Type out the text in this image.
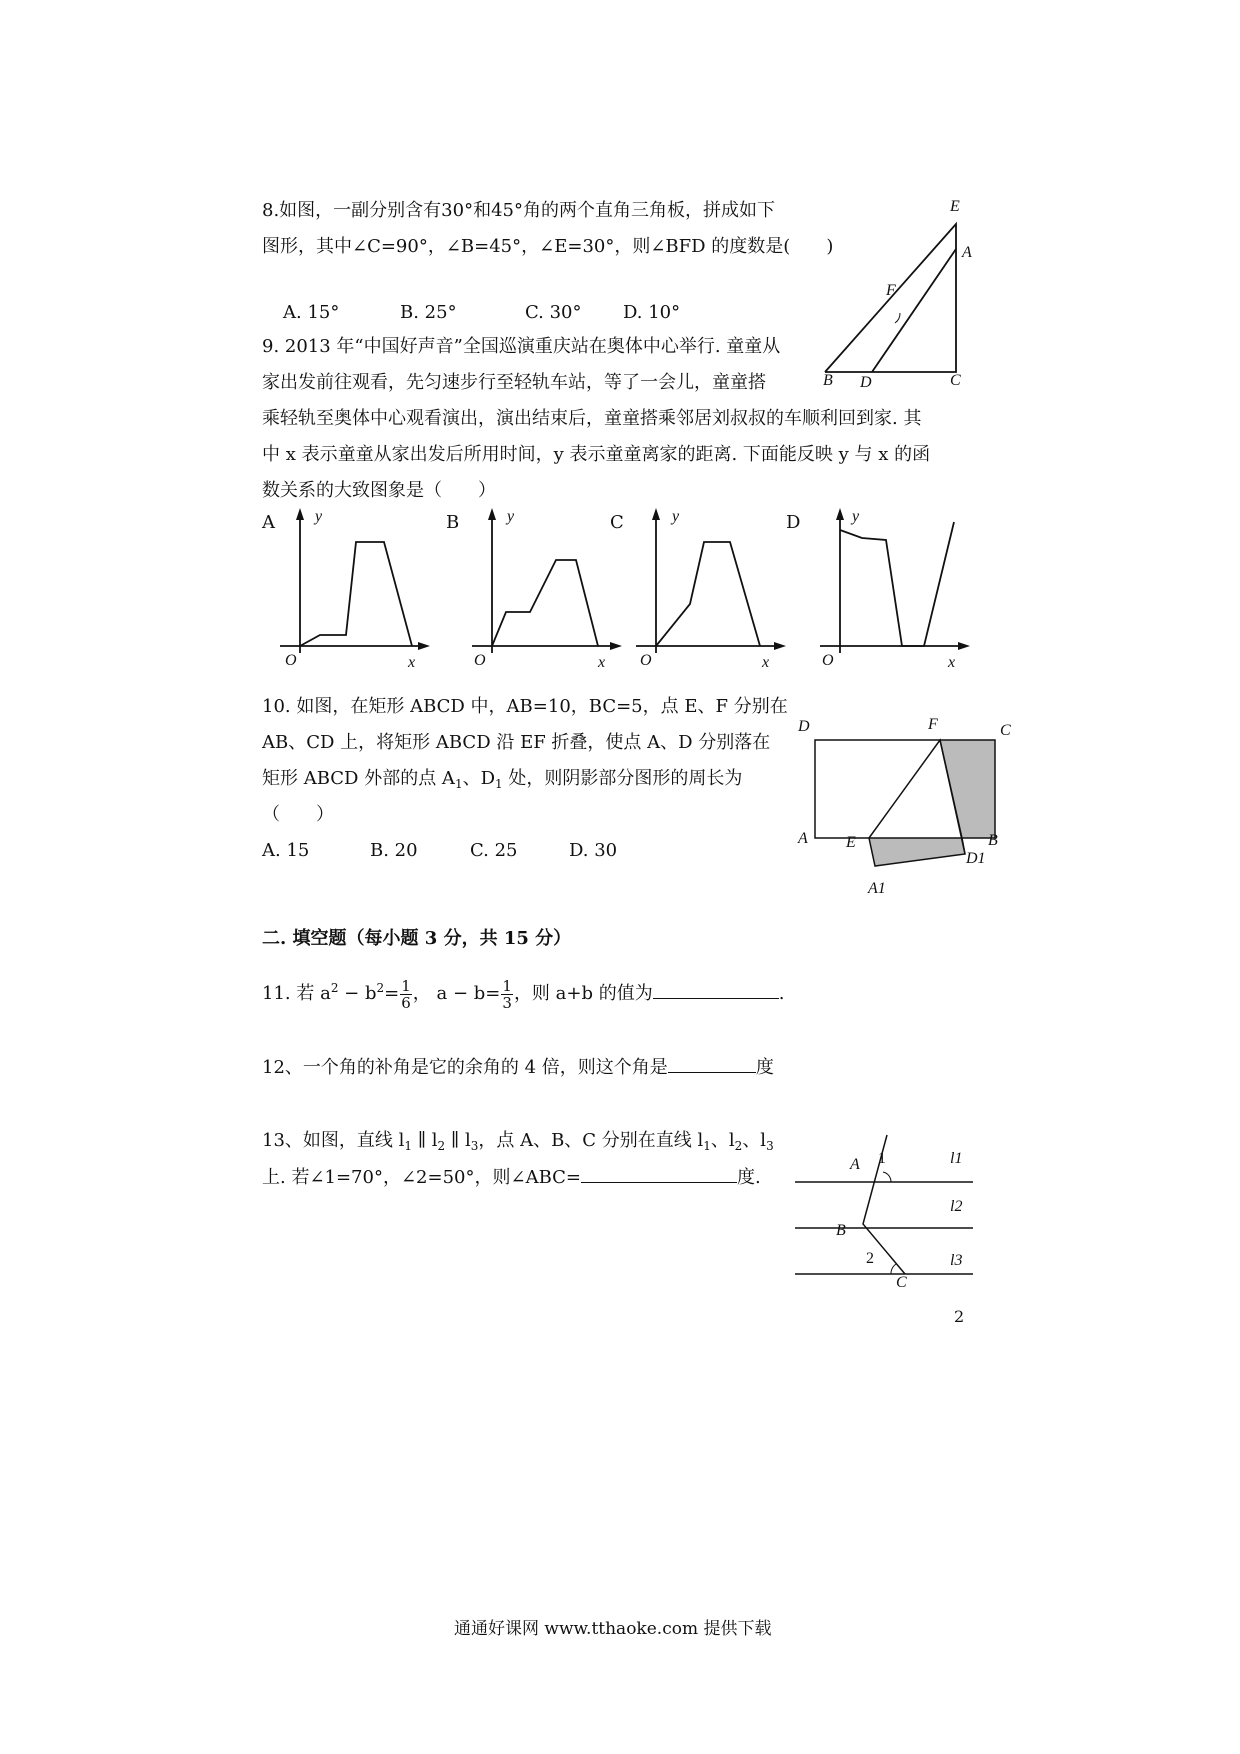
8.如图，一副分别含有30°和45°角的两个直角三角板，拼成如下
图形，其中∠C=90°，∠B=45°，∠E=30°，则∠BFD 的度数是(　　)
A. 15°	B. 25°	C. 30° D. 10°
E
A
F
B D	C
9. 2013 年“中国好声音”全国巡演重庆站在奥体中心举行. 童童从
家出发前往观看，先匀速步行至轻轨车站，等了一会儿，童童搭
乘轻轨至奥体中心观看演出，演出结束后，童童搭乘邻居刘叔叔的车顺利回到家. 其
中 x 表示童童从家出发后所用时间，y 表示童童离家的距离. 下面能反映 y 与 x 的函
数关系的大致图象是（　　）
A	y
O	x
B	y
O	x
C	y
O	x
D	y
O	x
10. 如图，在矩形 ABCD 中，AB=10，BC=5，点 E、F 分别在
AB、CD 上，将矩形 ABCD 沿 EF 折叠，使点 A、D 分别落在
矩形 ABCD 外部的点 $A_1$、$D_1$ 处，则阴影部分图形的周长为
（　　）
A. 15	B. 20	C. 25	D. 30
D	F	C
A E	B
D1
A1
二. 填空题（每小题 3 分，共 15 分）
11. 若 $a^2 - b^2= \frac{1}{6}$ ， $a - b= \frac{1}{3}$ ，则 a+b 的值为	.
12、一个角的补角是它的余角的 4 倍，则这个角是	度
13、如图，直线 $l_1$ ∥ $l_2$ ∥ $l_3$，点 A、B、C 分别在直线 $l_1$、$l_2$、$l_3$
上. 若∠1=70°，∠2=50°，则∠ABC=	度.
A 1	l1
l2
B
2	l3
C
2
通通好课网 www.tthaoke.com 提供下载
